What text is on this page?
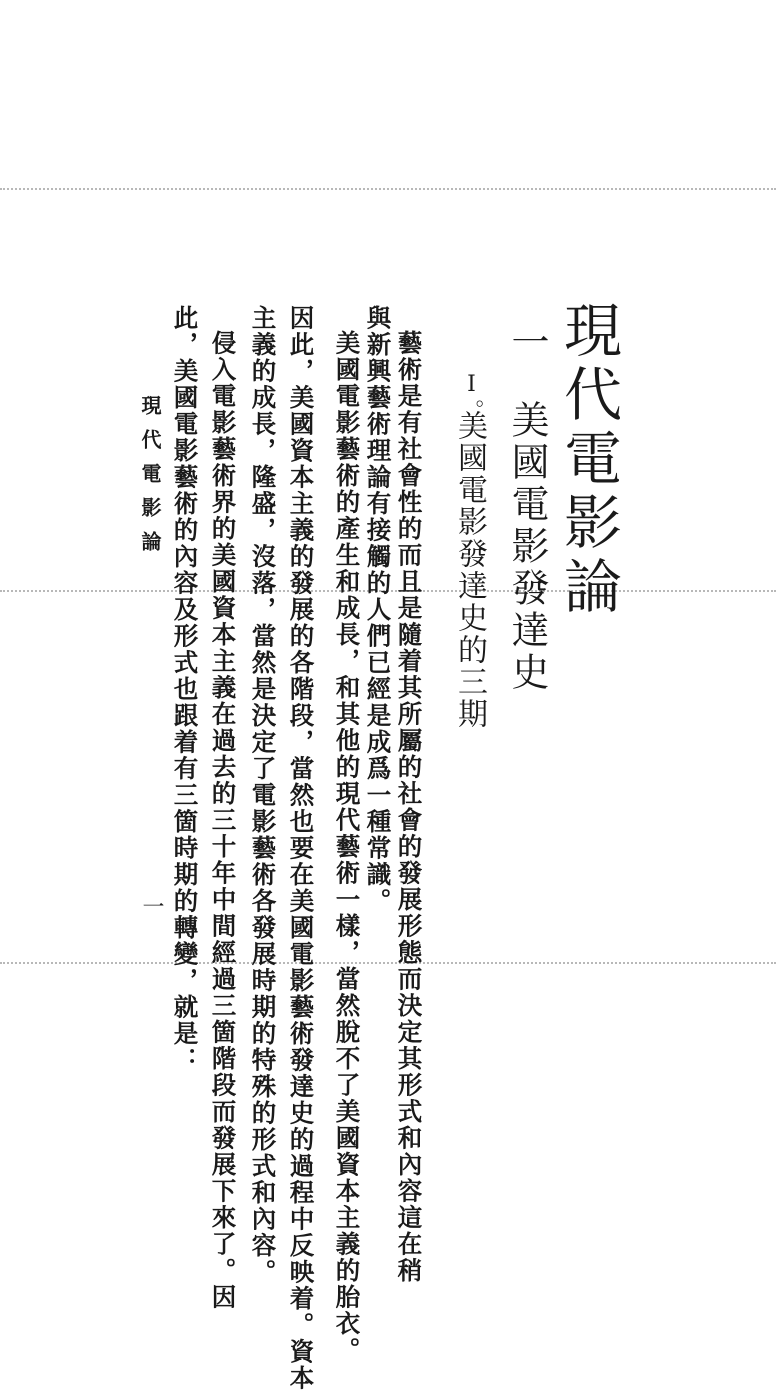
現代電影論
一
美國電影發達史
I。
美國電影發達史的三期
藝術是有社會性的而且是隨着其所屬的社會的發展形態而決定其形式和內容這在稍
與新興藝術理論有接觸的人們已經是成爲一種常識。
美國電影藝術的產生和成長，和其他的現代藝術一樣，當然脫不了美國資本主義的胎衣。
因此，美國資本主義的發展的各階段，當然也要在美國電影藝術發達史的過程中反映着。資本
主義的成長，隆盛，沒落，當然是決定了電影藝術各發展時期的特殊的形式和內容。
侵入電影藝術界的美國資本主義在過去的三十年中間經過三箇階段而發展下來了。因
此，美國電影藝術的內容及形式也跟着有三箇時期的轉變，就是：
現代電影論
一
